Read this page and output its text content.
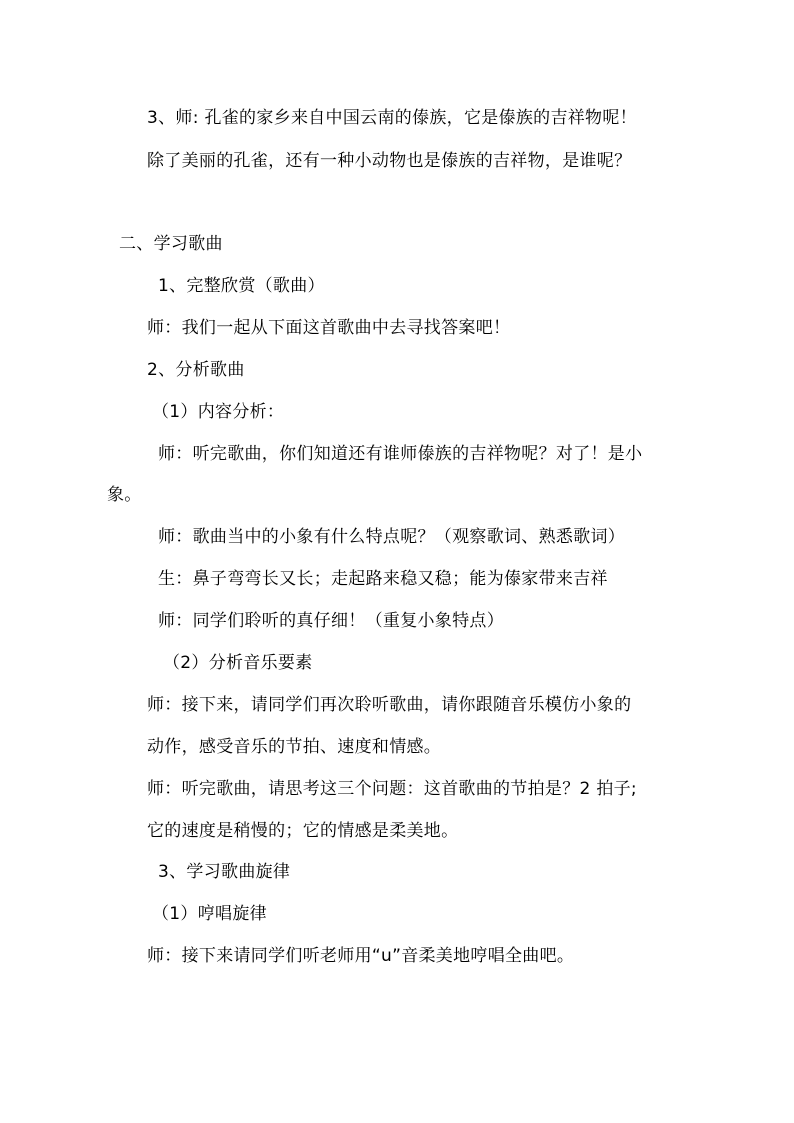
3、师: 孔雀的家乡来自中国云南的傣族，它是傣族的吉祥物呢！
除了美丽的孔雀，还有一种小动物也是傣族的吉祥物，是谁呢？
二、学习歌曲
1、完整欣赏（歌曲）
师：我们一起从下面这首歌曲中去寻找答案吧！
2、分析歌曲
（1）内容分析：
师：听完歌曲，你们知道还有谁师傣族的吉祥物呢？对了！是小
象。
师：歌曲当中的小象有什么特点呢？（观察歌词、熟悉歌词）
生：鼻子弯弯长又长；走起路来稳又稳；能为傣家带来吉祥
师：同学们聆听的真仔细！（重复小象特点）
（2）分析音乐要素
师：接下来，请同学们再次聆听歌曲，请你跟随音乐模仿小象的
动作，感受音乐的节拍、速度和情感。
师：听完歌曲，请思考这三个问题：这首歌曲的节拍是？2 拍子;
它的速度是稍慢的；它的情感是柔美地。
3、学习歌曲旋律
（1）哼唱旋律
师：接下来请同学们听老师用“u”音柔美地哼唱全曲吧。
